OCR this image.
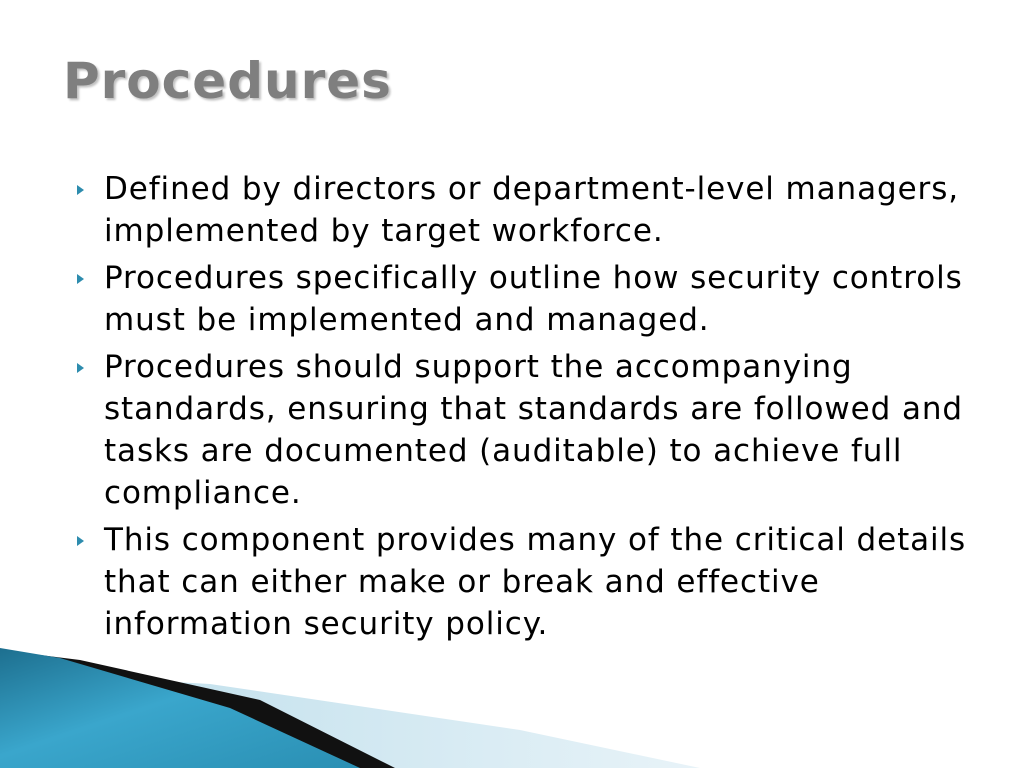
Procedures
Defined by directors or department-level managers, implemented by target workforce.
Procedures specifically outline how security controls must be implemented and managed.
Procedures should support the accompanying standards, ensuring that standards are followed and tasks are documented (auditable) to achieve full compliance.
This component provides many of the critical details that can either make or break and effective information security policy.
